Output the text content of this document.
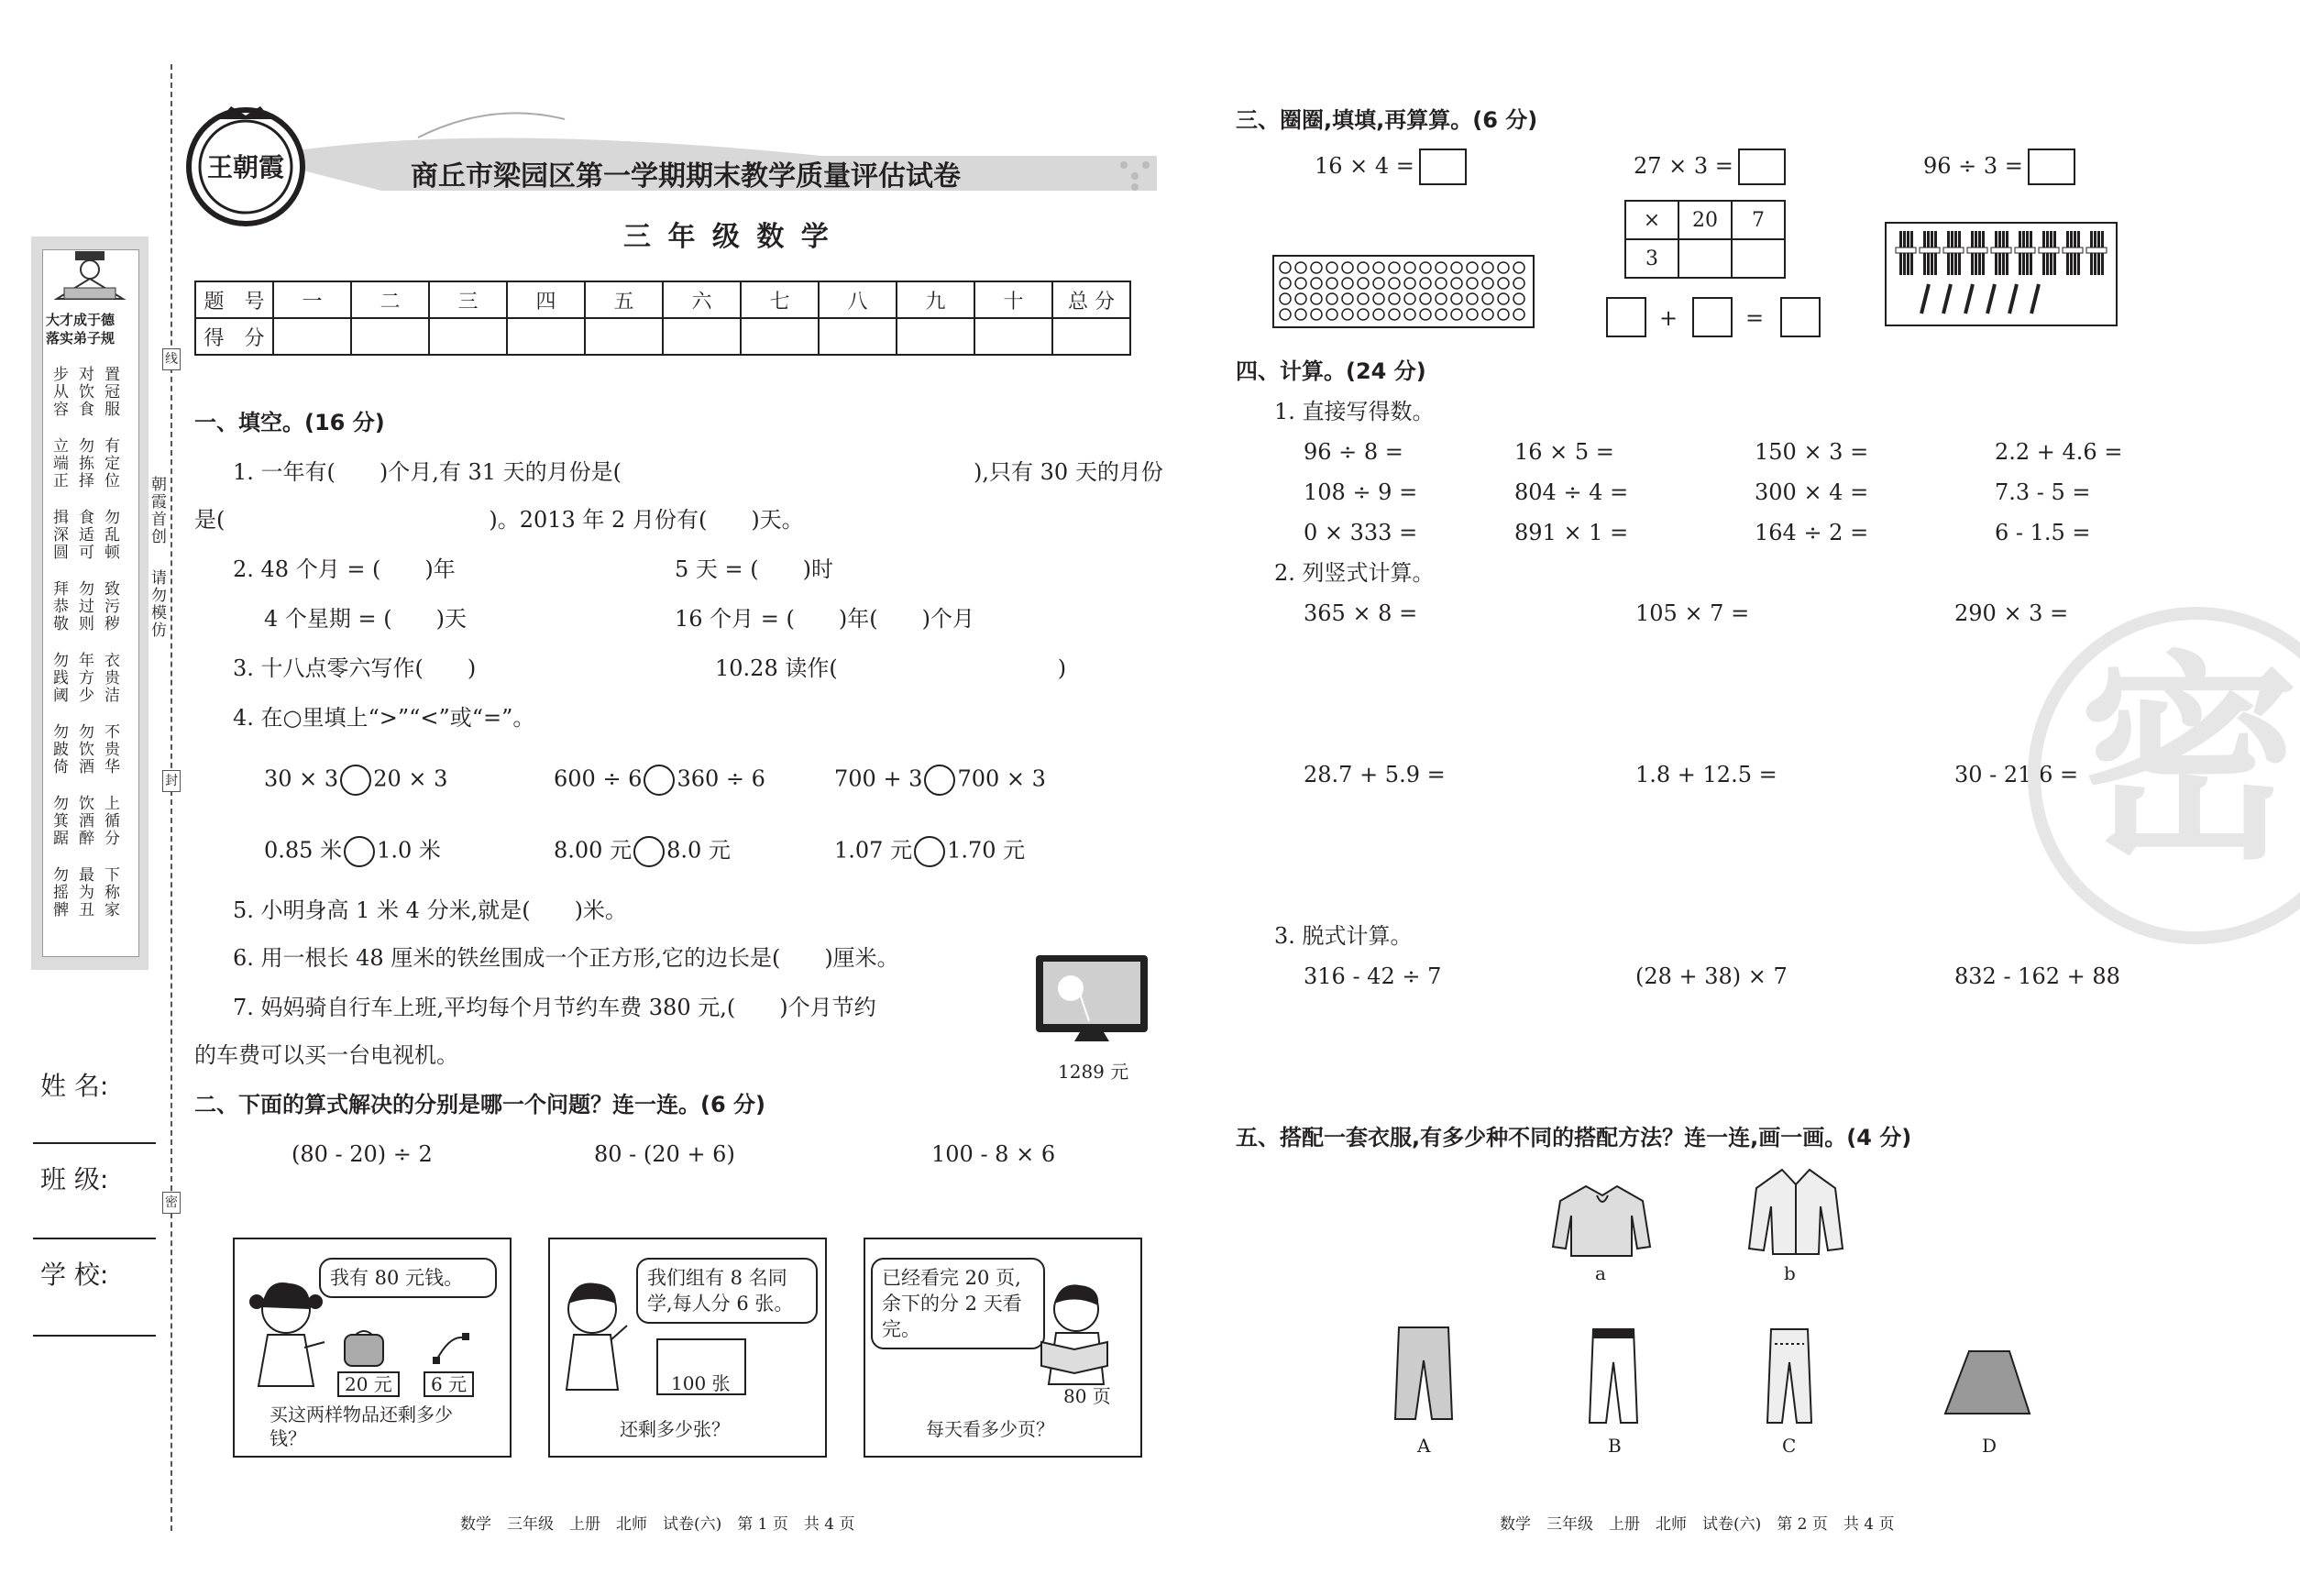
大才成于德
落实弟子规
步从容
对饮食
置冠服
立端正
勿拣择
有定位
揖深圆
食适可
勿乱顿
拜恭敬
勿过则
致污秽
勿践阈
年方少
衣贵洁
勿跛倚
勿饮酒
不贵华
勿箕踞
饮酒醉
上循分
勿摇髀
最为丑
下称家
朝霞首创
请勿模仿
线
封
密
姓 名:
班 级:
学 校:
王朝霞	商丘市梁园区第一学期期末教学质量评估试卷
三 年 级 数 学
题　号	一	二	三	四	五	六	七	八	九	十	总 分
得　分											
一、填空。(16 分)
1. 一年有(　　)个月,有 31 天的月份是(　　　　　　　　　　　　　　　　),只有 30 天的月份
是(　　　　　　　　　　　　)。2013 年 2 月份有(　　)天。
2. 48 个月 = (　　)年	5 天 = (　　)时
4 个星期 = (　　)天	16 个月 = (　　)年(　　)个月
3. 十八点零六写作(　　)	10.28 读作(　　　　　　　　　　)
4. 在○里填上“>”“<”或“=”。
30 × 3 20 × 3	600 ÷ 6 360 ÷ 6	700 + 3 700 × 3
0.85 米 1.0 米	8.00 元 8.0 元	1.07 元 1.70 元
5. 小明身高 1 米 4 分米,就是(　　)米。
6. 用一根长 48 厘米的铁丝围成一个正方形,它的边长是(　　)厘米。
7. 妈妈骑自行车上班,平均每个月节约车费 380 元,(　　)个月节约
的车费可以买一台电视机。
1289 元
二、下面的算式解决的分别是哪一个问题？连一连。(6 分)
(80 - 20) ÷ 2	80 - (20 + 6)	100 - 8 × 6
我有 80 元钱。
20 元	6 元
买这两样物品还剩多少钱？
我们组有 8 名同学,每人分 6 张。
100 张
还剩多少张？
已经看完 20 页,余下的分 2 天看完。
80 页
每天看多少页？
数学　三年级　上册　北师　试卷(六)　第 1 页　共 4 页
三、圈圈,填填,再算算。(6 分)
16 × 4 =	27 × 3 =	96 ÷ 3 =
×	20	7
3		
+	=
四、计算。(24 分)
1. 直接写得数。
96 ÷ 8 =	16 × 5 =	150 × 3 =	2.2 + 4.6 =
108 ÷ 9 =	804 ÷ 4 =	300 × 4 =	7.3 - 5 =
0 × 333 =	891 × 1 =	164 ÷ 2 =	6 - 1.5 =
2. 列竖式计算。
365 × 8 =	105 × 7 =	290 × 3 =
28.7 + 5.9 =	1.8 + 12.5 =	30 - 21.6 =
3. 脱式计算。
316 - 42 ÷ 7	(28 + 38) × 7	832 - 162 + 88
密
五、搭配一套衣服,有多少种不同的搭配方法？连一连,画一画。(4 分)
a	b
A	B	C	D
数学　三年级　上册　北师　试卷(六)　第 2 页　共 4 页
